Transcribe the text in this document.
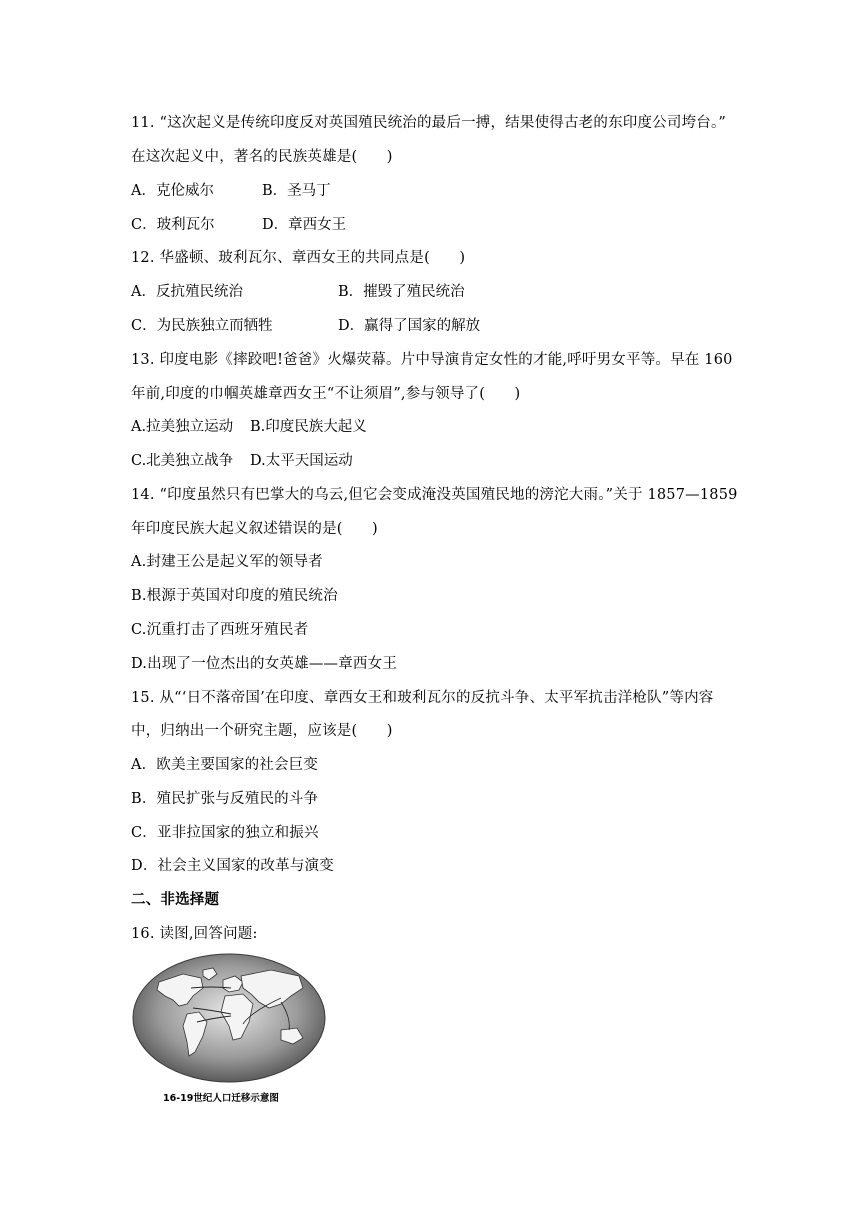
11. “这次起义是传统印度反对英国殖民统治的最后一搏，结果使得古老的东印度公司垮台。”
在这次起义中，著名的民族英雄是(　　)
A．克伦威尔	B．圣马丁
C．玻利瓦尔	D．章西女王
12. 华盛顿、玻利瓦尔、章西女王的共同点是(　　)
A．反抗殖民统治	B．摧毁了殖民统治
C．为民族独立而牺牲	D．赢得了国家的解放
13. 印度电影《摔跤吧!爸爸》火爆荧幕。片中导演肯定女性的才能,呼吁男女平等。早在 160
年前,印度的巾帼英雄章西女王“不让须眉”,参与领导了(　　)
A.拉美独立运动 B.印度民族大起义
C.北美独立战争 D.太平天国运动
14. “印度虽然只有巴掌大的乌云,但它会变成淹没英国殖民地的滂沱大雨。”关于 1857—1859
年印度民族大起义叙述错误的是(　　)
A.封建王公是起义军的领导者
B.根源于英国对印度的殖民统治
C.沉重打击了西班牙殖民者
D.出现了一位杰出的女英雄——章西女王
15. 从“‘日不落帝国’在印度、章西女王和玻利瓦尔的反抗斗争、太平军抗击洋枪队”等内容
中，归纳出一个研究主题，应该是(　　)
A．欧美主要国家的社会巨变
B．殖民扩张与反殖民的斗争
C．亚非拉国家的独立和振兴
D．社会主义国家的改革与演变
二、非选择题
16. 读图,回答问题:
16-19世纪人口迁移示意图
